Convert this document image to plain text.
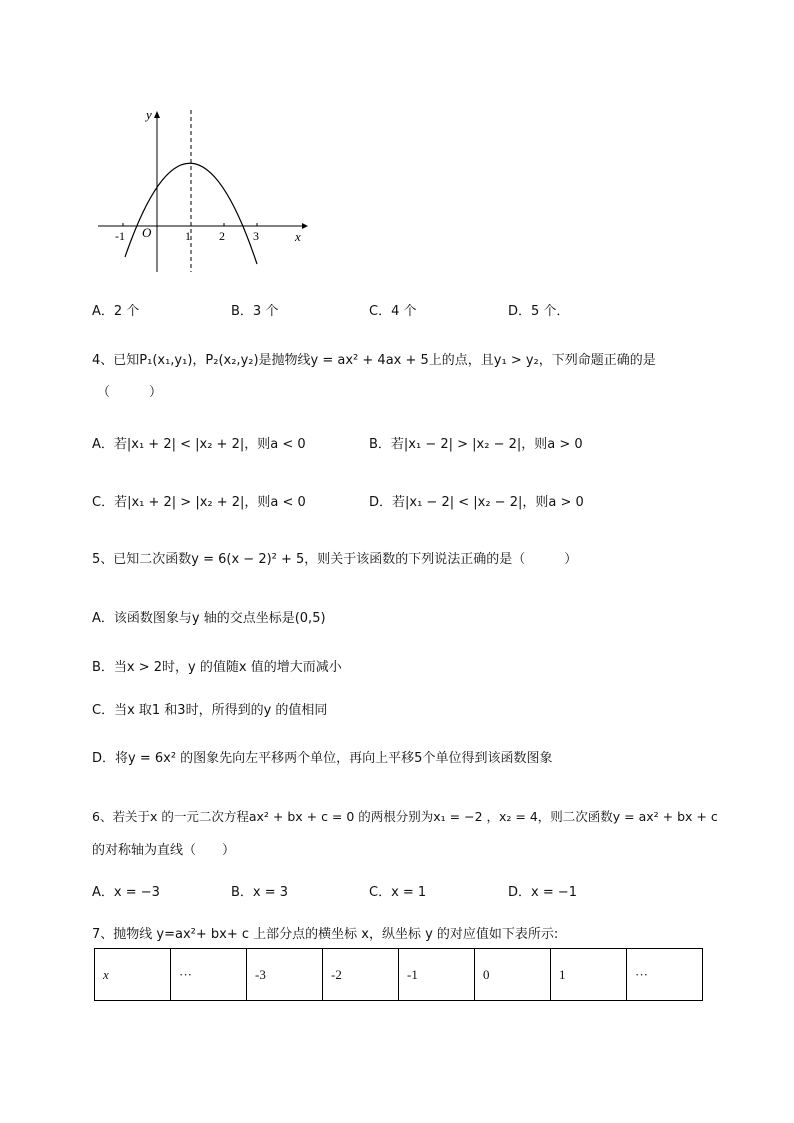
y
x
O
-1	1 2 3
A．2 个	B．3 个	C．4 个	D．5 个．
4、已知P₁(x₁,y₁)，P₂(x₂,y₂)是抛物线y = ax² + 4ax + 5上的点，且y₁ > y₂，下列命题正确的是
（　　　）
A．若|x₁ + 2| < |x₂ + 2|，则a < 0	B．若|x₁ − 2| > |x₂ − 2|，则a > 0
C．若|x₁ + 2| > |x₂ + 2|，则a < 0	D．若|x₁ − 2| < |x₂ − 2|，则a > 0
5、已知二次函数y = 6(x − 2)² + 5，则关于该函数的下列说法正确的是（　　　）
A．该函数图象与y 轴的交点坐标是(0,5)
B．当x > 2时，y 的值随x 值的增大而减小
C．当x 取1 和3时，所得到的y 的值相同
D．将y = 6x² 的图象先向左平移两个单位，再向上平移5个单位得到该函数图象
6、若关于x 的一元二次方程ax² + bx + c = 0 的两根分别为x₁ = −2 ，x₂ = 4，则二次函数y = ax² + bx + c
的对称轴为直线（　　）
A．x = −3	B．x = 3	C．x = 1	D．x = −1
7、抛物线 y=ax²+ bx+ c 上部分点的横坐标 x，纵坐标 y 的对应值如下表所示:
x	···	-3	-2	-1	0	1	···
